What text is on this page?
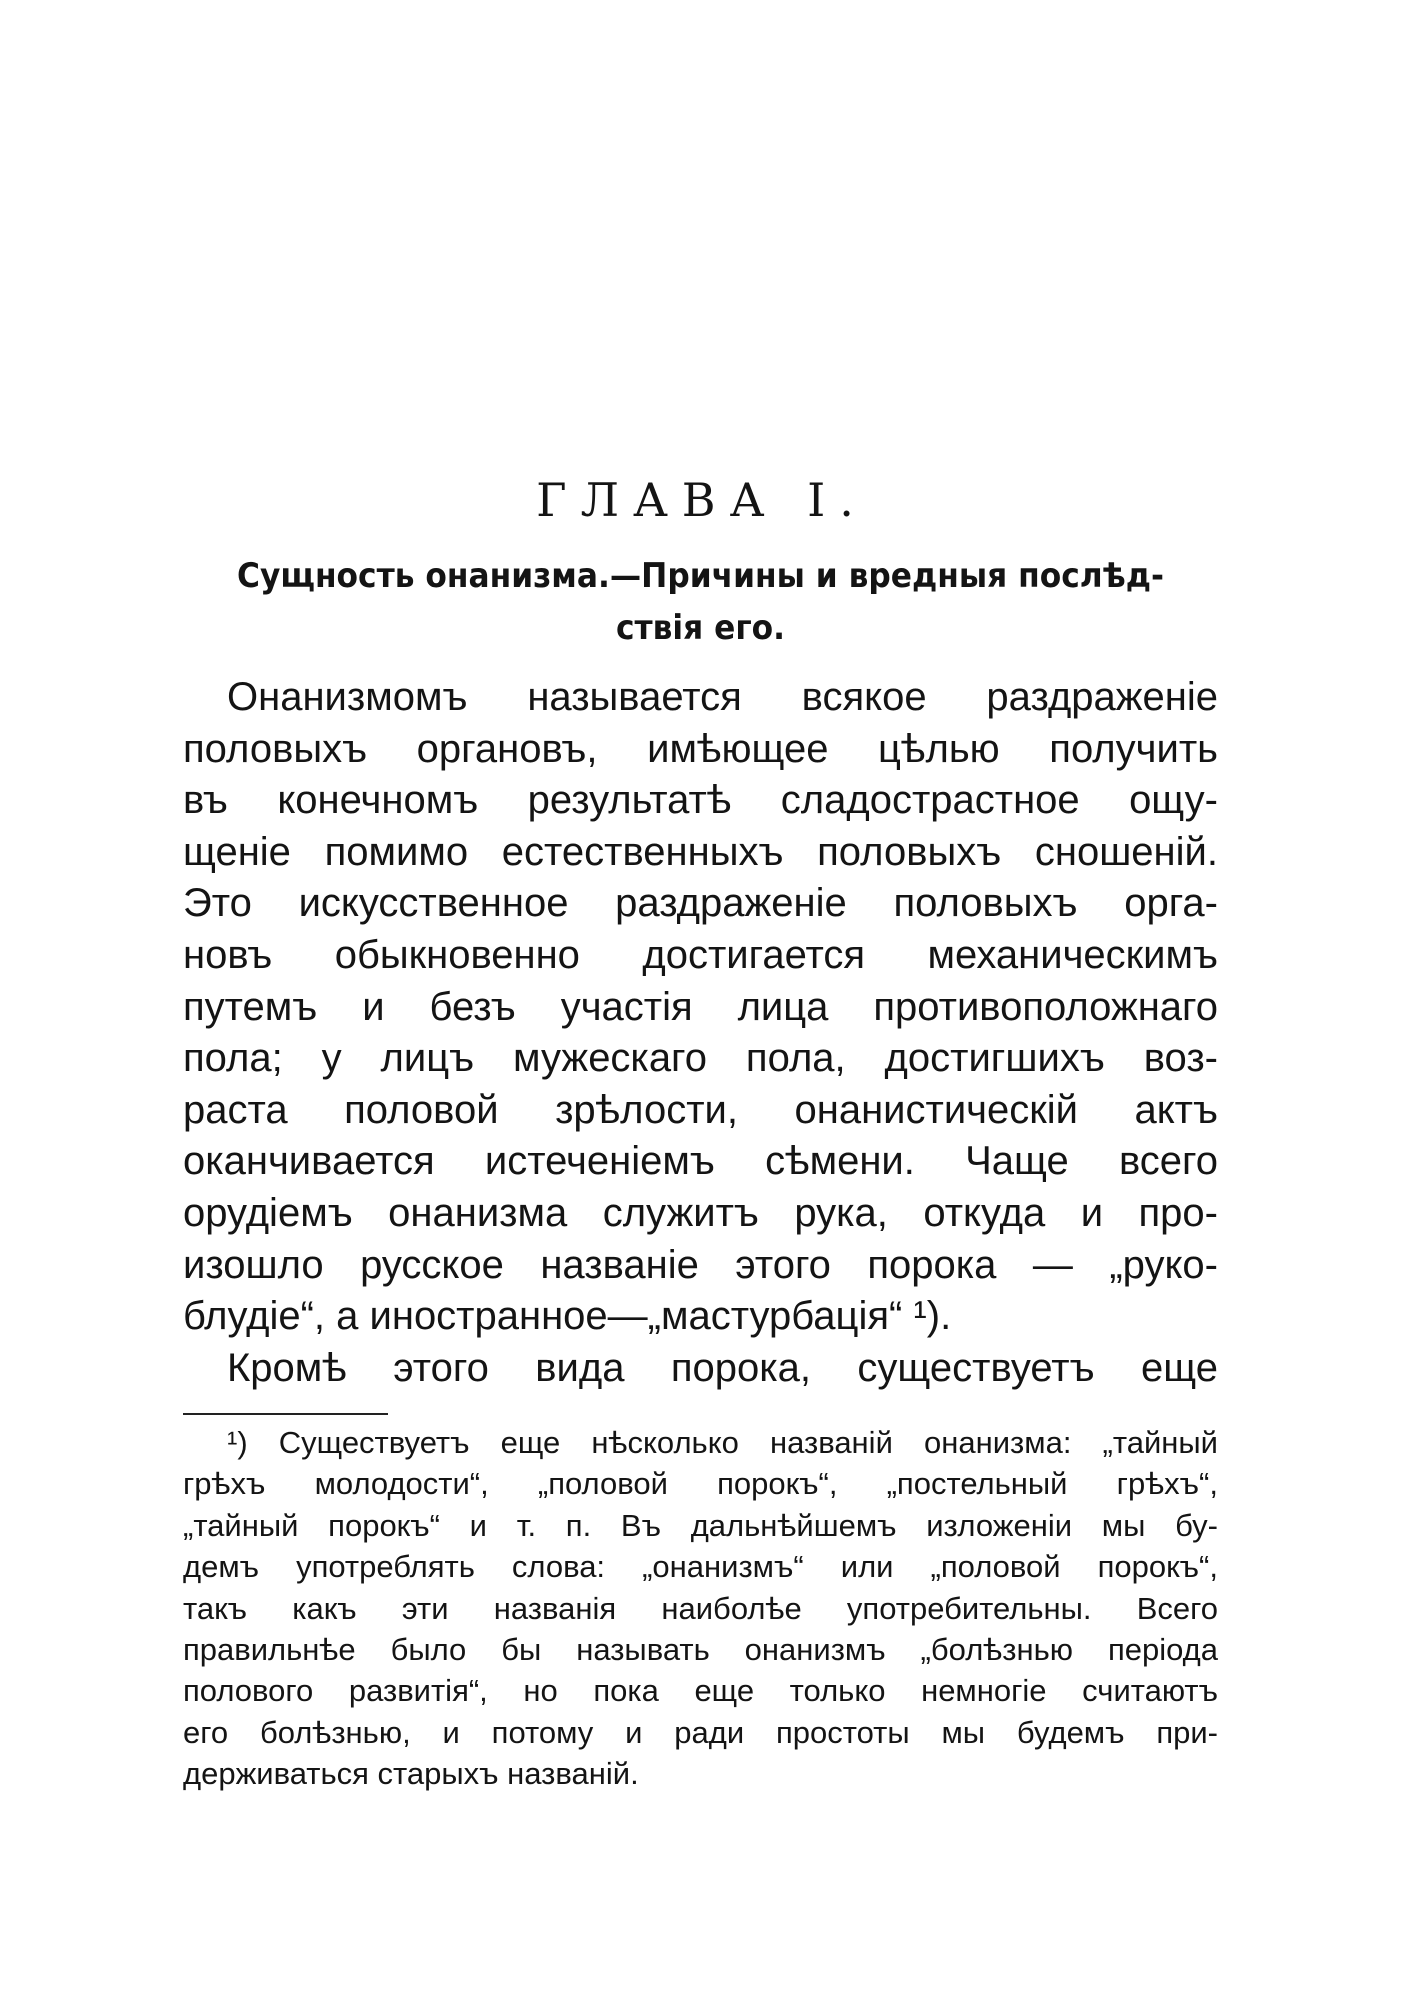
ГЛАВА І.
Сущность онанизма.—Причины и вредныя послѣд-
ствія его.
Онанизмомъ называется всякое раздраженіе
половыхъ органовъ, имѣющее цѣлью получить
въ конечномъ результатѣ сладострастное ощу-
щеніе помимо естественныхъ половыхъ сношеній.
Это искусственное раздраженіе половыхъ орга-
новъ обыкновенно достигается механическимъ
путемъ и безъ участія лица противоположнаго
пола; у лицъ мужескаго пола, достигшихъ воз-
раста половой зрѣлости, онанистическій актъ
оканчивается истеченіемъ сѣмени. Чаще всего
орудіемъ онанизма служитъ рука, откуда и про-
изошло русское названіе этого порока — „руко-
блудіе“, а иностранное—„мастурбація“ ¹).
Кромѣ этого вида порока, существуетъ еще
¹) Существуетъ еще нѣсколько названій онанизма: „тайный
грѣхъ молодости“, „половой порокъ“, „постельный грѣхъ“,
„тайный порокъ“ и т. п. Въ дальнѣйшемъ изложеніи мы бу-
демъ употреблять слова: „онанизмъ“ или „половой порокъ“,
такъ какъ эти названія наиболѣе употребительны. Всего
правильнѣе было бы называть онанизмъ „болѣзнью періода
полового развитія“, но пока еще только немногіе считаютъ
его болѣзнью, и потому и ради простоты мы будемъ при-
держиваться старыхъ названій.
